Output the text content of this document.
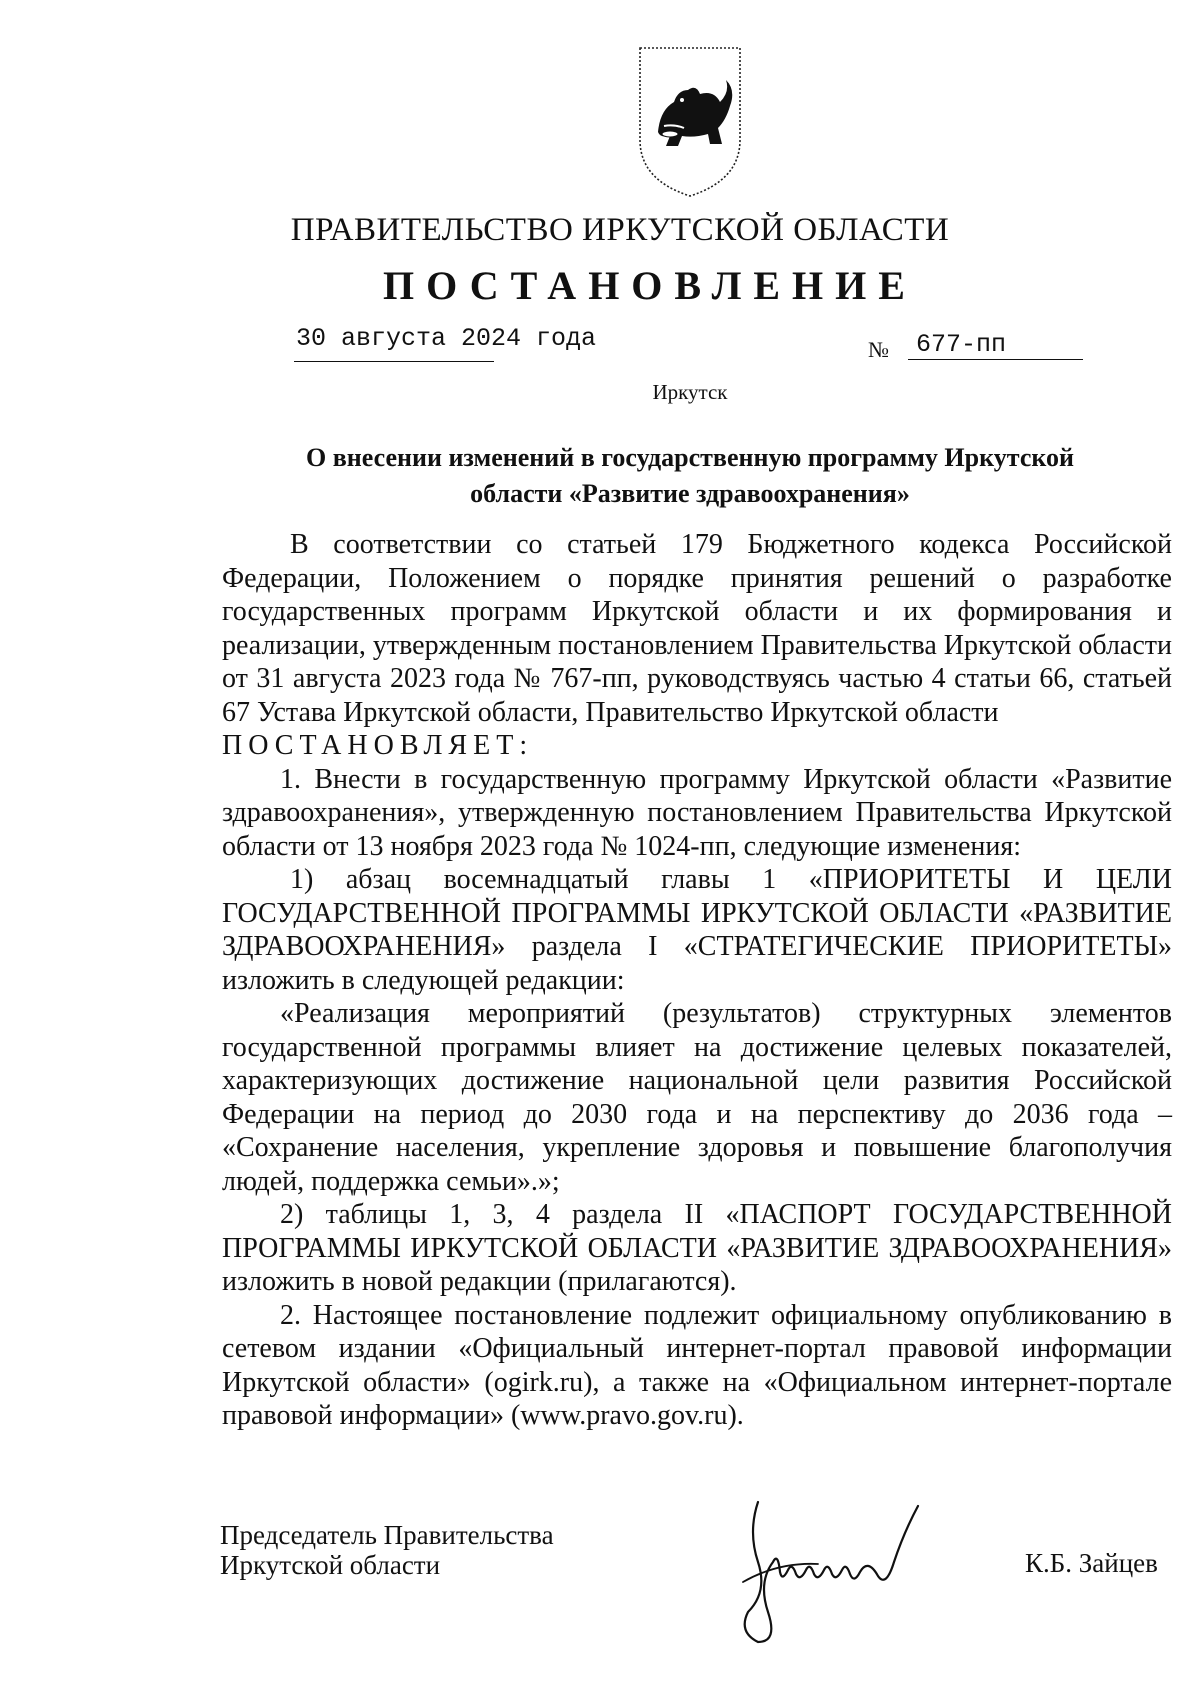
ПРАВИТЕЛЬСТВО ИРКУТСКОЙ ОБЛАСТИ
ПОСТАНОВЛЕНИЕ
30 августа 2024 года	№ 677-пп
Иркутск
О внесении изменений в государственную программу Иркутской
области «Развитие здравоохранения»

В соответствии со статьей 179 Бюджетного кодекса Российской Федерации, Положением о порядке принятия решений о разработке государственных программ Иркутской области и их формирования и реализации, утвержденным постановлением Правительства Иркутской области от 31 августа 2023 года № 767-пп, руководствуясь частью 4 статьи 66, статьей 67 Устава Иркутской области, Правительство Иркутской области

ПОСТАНОВЛЯЕТ:

1. Внести в государственную программу Иркутской области «Развитие здравоохранения», утвержденную постановлением Правительства Иркутской области от 13 ноября 2023 года № 1024-пп, следующие изменения:

1) абзац восемнадцатый главы 1 «ПРИОРИТЕТЫ И ЦЕЛИ ГОСУДАРСТВЕННОЙ ПРОГРАММЫ ИРКУТСКОЙ ОБЛАСТИ «РАЗВИТИЕ ЗДРАВООХРАНЕНИЯ» раздела I «СТРАТЕГИЧЕСКИЕ ПРИОРИТЕТЫ» изложить в следующей редакции:

«Реализация мероприятий (результатов) структурных элементов государственной программы влияет на достижение целевых показателей, характеризующих достижение национальной цели развития Российской Федерации на период до 2030 года и на перспективу до 2036 года – «Сохранение населения, укрепление здоровья и повышение благополучия людей, поддержка семьи».»;

2) таблицы 1, 3, 4 раздела II «ПАСПОРТ ГОСУДАРСТВЕННОЙ ПРОГРАММЫ ИРКУТСКОЙ ОБЛАСТИ «РАЗВИТИЕ ЗДРАВООХРАНЕНИЯ» изложить в новой редакции (прилагаются).

2. Настоящее постановление подлежит официальному опубликованию в сетевом издании «Официальный интернет-портал правовой информации Иркутской области» (ogirk.ru), а также на «Официальном интернет-портале правовой информации» (www.pravo.gov.ru).

Председатель Правительства
Иркутской области	К.Б. Зайцев
